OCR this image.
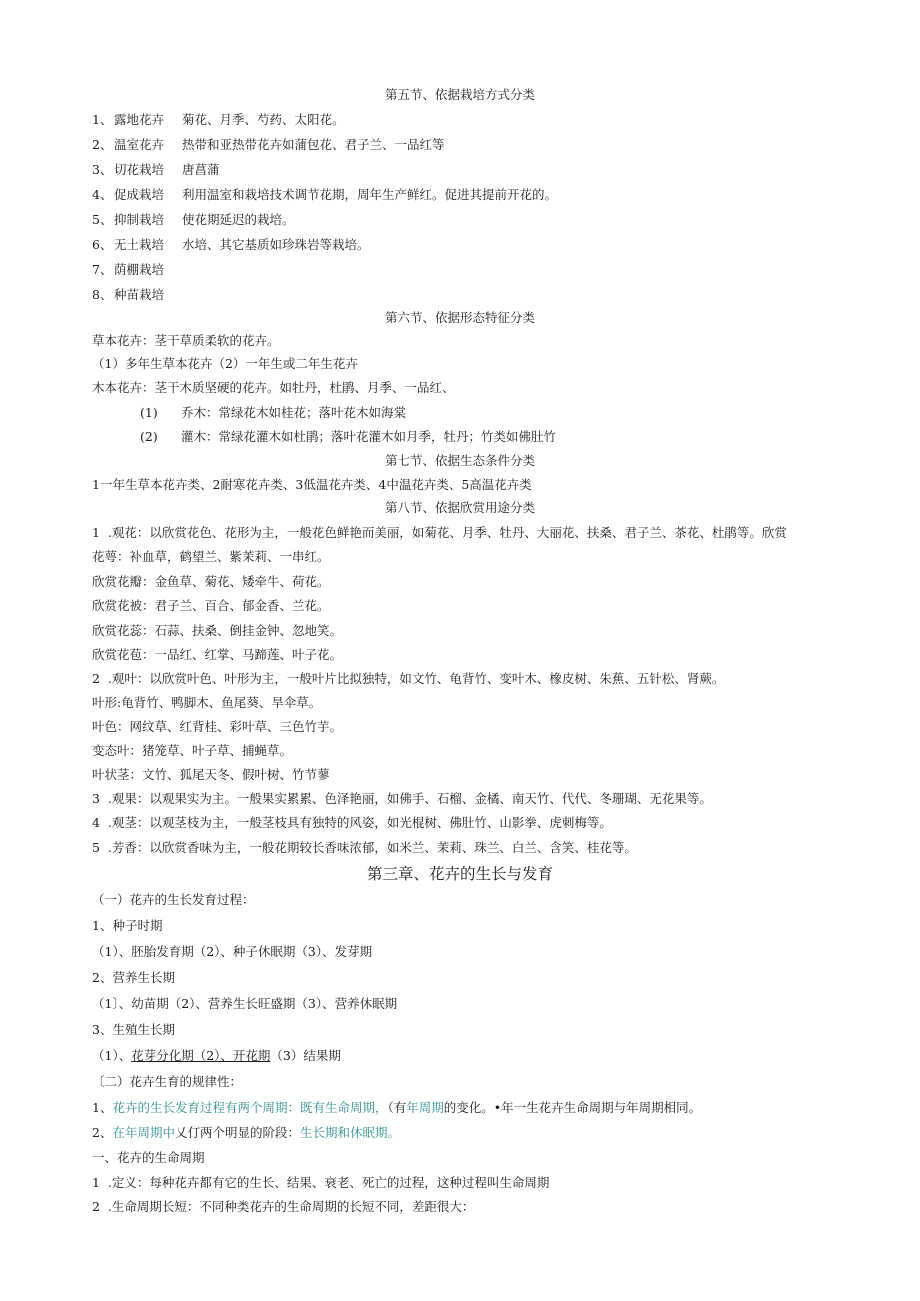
第五节、依据栽培方式分类
1、 露地花卉 菊花、月季、芍药、太阳花。
2、 温室花卉 热带和亚热带花卉如蒲包花、君子兰、一品红等
3、 切花栽培 唐菖蒲
4、 促成栽培 利用温室和栽培技术调节花期，周年生产鲜红。促进其提前开花的。
5、 抑制栽培 使花期延迟的栽培。
6、 无土栽培 水培、其它基质如珍珠岩等栽培。
7、 荫棚栽培
8、 种苗栽培
第六节、依据形态特征分类
草本花卉：茎干草质柔软的花卉。
（1）多年生草本花卉（2）一年生或二年生花卉
木本花卉：茎干木质坚硬的花卉。如牡丹，杜鹃、月季、一品红、
(1) 乔木：常绿花木如桂花；落叶花木如海棠
(2) 灌木：常绿花灌木如杜鹃；落叶花灌木如月季，牡丹；竹类如佛肚竹
第七节、依据生态条件分类
1一年生草本花卉类、2耐寒花卉类、3低温花卉类、4中温花卉类、5高温花卉类
第八节、依据欣赏用途分类
1  .观花：以欣赏花色、花形为主，一般花色鲜艳而美丽，如菊花、月季、牡丹、大丽花、扶桑、君子兰、茶花、杜鹃等。欣赏
花萼：补血草，鹤望兰、紫茉莉、一串红。
欣赏花瓣：金鱼草、菊花、矮牵牛、荷花。
欣赏花被：君子兰、百合、郁金香、兰花。
欣赏花蕊：石蒜、扶桑、倒挂金钟、忽地笑。
欣赏花苞：一品红、红掌、马蹄莲、叶子花。
2  .观叶：以欣赏叶色、叶形为主，一般叶片比拟独特，如文竹、龟背竹、变叶木、橡皮树、朱蕉、五针松、肾蕨。
叶形:龟背竹、鸭脚木、鱼尾葵、旱伞草。
叶色：网纹草、红背桂、彩叶草、三色竹芋。
变态叶：猪笼草、叶子草、捕蝇草。
叶状茎：文竹、狐尾天冬、假叶树、竹节蓼
3  .观果：以观果实为主。一般果实累累、色泽艳丽，如佛手、石榴、金橘、南天竹、代代、冬珊瑚、无花果等。
4  .观茎：以观茎枝为主，一般茎枝具有独特的风姿，如光棍树、佛肚竹、山影拳、虎刺梅等。
5  .芳香：以欣赏香味为主，一般花期较长香味浓郁，如米兰、茉莉、珠兰、白兰、含笑、桂花等。
第三章、花卉的生长与发育
（一）花卉的生长发育过程：
1、种子时期
（1）、胚胎发育期（2）、种子休眠期（3）、发芽期
2、营养生长期
（1〕、幼苗期（2）、营养生长旺盛期（3）、营养休眠期
3、生殖生长期
（1）、花芽分化期（2）、开花期（3）结果期
〔二）花卉生育的规律性：
1、花卉的生长发育过程有两个周期：既有生命周期，（有年周期的变化。•年一生花卉生命周期与年周期相同。
2、在年周期中乂仃两个明显的阶段：生长期和休眠期。
一、花卉的生命周期
1  .定义：每种花卉都有它的生长、结果、衰老、死亡的过程，这种过程叫生命周期
2  .生命周期长短：不同种类花卉的生命周期的长短不同，差距很大：
